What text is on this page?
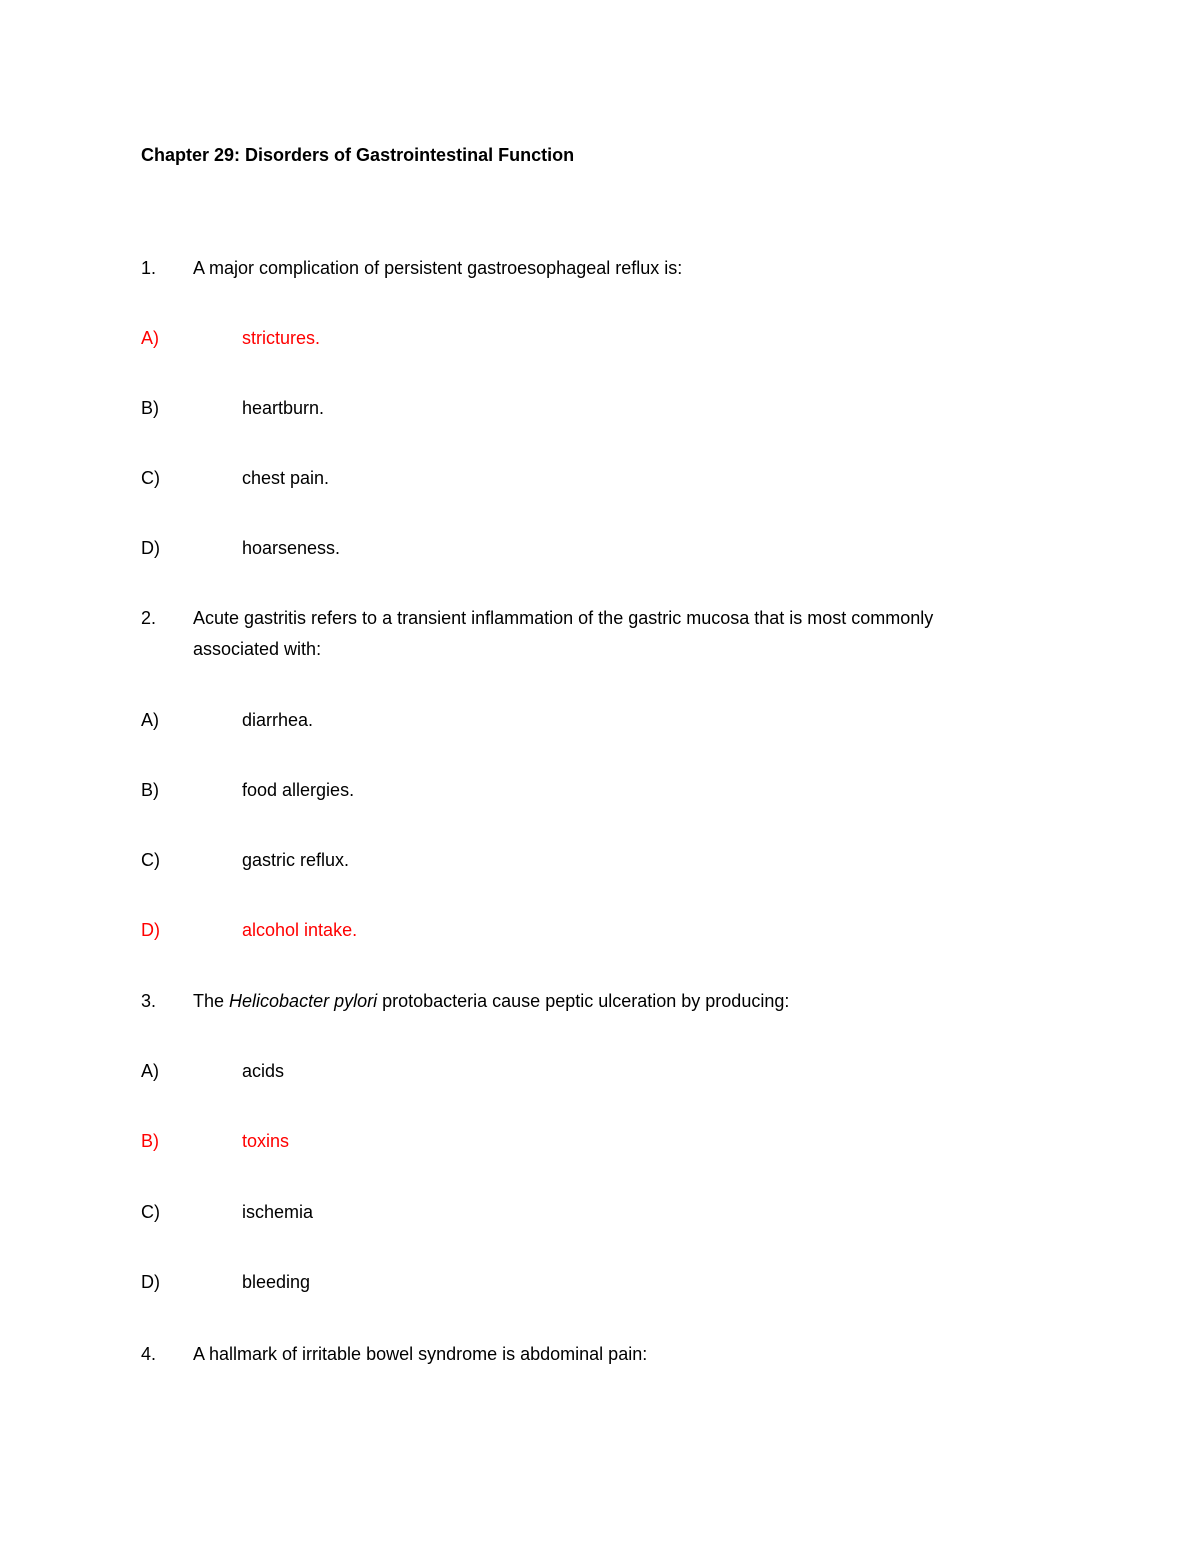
Chapter 29: Disorders of Gastrointestinal Function
1. A major complication of persistent gastroesophageal reflux is:
A)	strictures.
B)	heartburn.
C)	chest pain.
D)	hoarseness.
2. Acute gastritis refers to a transient inflammation of the gastric mucosa that is most commonly
associated with:
A)	diarrhea.
B)	food allergies.
C)	gastric reflux.
D)	alcohol intake.
3. The Helicobacter pylori protobacteria cause peptic ulceration by producing:
A)	acids
B)	toxins
C)	ischemia
D)	bleeding
4. A hallmark of irritable bowel syndrome is abdominal pain:
